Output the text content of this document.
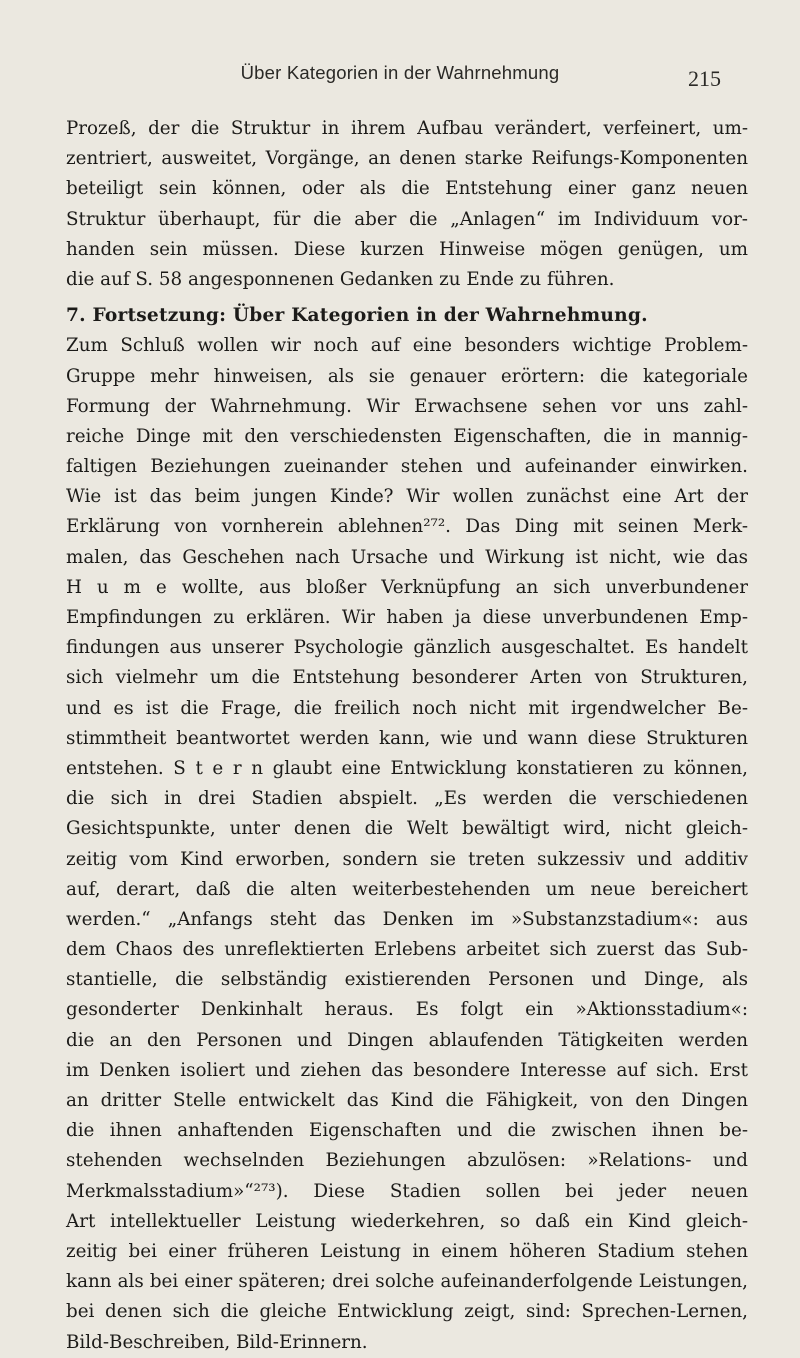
Über Kategorien in der Wahrnehmung	215
Prozeß, der die Struktur in ihrem Aufbau verändert, verfeinert, um-
zentriert, ausweitet, Vorgänge, an denen starke Reifungs-Komponenten
beteiligt sein können, oder als die Entstehung einer ganz neuen
Struktur überhaupt, für die aber die „Anlagen“ im Individuum vor-
handen sein müssen. Diese kurzen Hinweise mögen genügen, um
die auf S. 58 angesponnenen Gedanken zu Ende zu führen.
7. Fortsetzung: Über Kategorien in der Wahrnehmung.
Zum Schluß wollen wir noch auf eine besonders wichtige Problem-
Gruppe mehr hinweisen, als sie genauer erörtern: die kategoriale
Formung der Wahrnehmung. Wir Erwachsene sehen vor uns zahl-
reiche Dinge mit den verschiedensten Eigenschaften, die in mannig-
faltigen Beziehungen zueinander stehen und aufeinander einwirken.
Wie ist das beim jungen Kinde? Wir wollen zunächst eine Art der
Erklärung von vornherein ablehnen²⁷². Das Ding mit seinen Merk-
malen, das Geschehen nach Ursache und Wirkung ist nicht, wie das
H u m e wollte, aus bloßer Verknüpfung an sich unverbundener
Empfindungen zu erklären. Wir haben ja diese unverbundenen Emp-
findungen aus unserer Psychologie gänzlich ausgeschaltet. Es handelt
sich vielmehr um die Entstehung besonderer Arten von Strukturen,
und es ist die Frage, die freilich noch nicht mit irgendwelcher Be-
stimmtheit beantwortet werden kann, wie und wann diese Strukturen
entstehen. S t e r n glaubt eine Entwicklung konstatieren zu können,
die sich in drei Stadien abspielt. „Es werden die verschiedenen
Gesichtspunkte, unter denen die Welt bewältigt wird, nicht gleich-
zeitig vom Kind erworben, sondern sie treten sukzessiv und additiv
auf, derart, daß die alten weiterbestehenden um neue bereichert
werden.“ „Anfangs steht das Denken im »Substanzstadium«: aus
dem Chaos des unreflektierten Erlebens arbeitet sich zuerst das Sub-
stantielle, die selbständig existierenden Personen und Dinge, als
gesonderter Denkinhalt heraus. Es folgt ein »Aktionsstadium«:
die an den Personen und Dingen ablaufenden Tätigkeiten werden
im Denken isoliert und ziehen das besondere Interesse auf sich. Erst
an dritter Stelle entwickelt das Kind die Fähigkeit, von den Dingen
die ihnen anhaftenden Eigenschaften und die zwischen ihnen be-
stehenden wechselnden Beziehungen abzulösen: »Relations- und
Merkmalsstadium»“²⁷³). Diese Stadien sollen bei jeder neuen
Art intellektueller Leistung wiederkehren, so daß ein Kind gleich-
zeitig bei einer früheren Leistung in einem höheren Stadium stehen
kann als bei einer späteren; drei solche aufeinanderfolgende Leistungen,
bei denen sich die gleiche Entwicklung zeigt, sind: Sprechen-Lernen,
Bild-Beschreiben, Bild-Erinnern.
